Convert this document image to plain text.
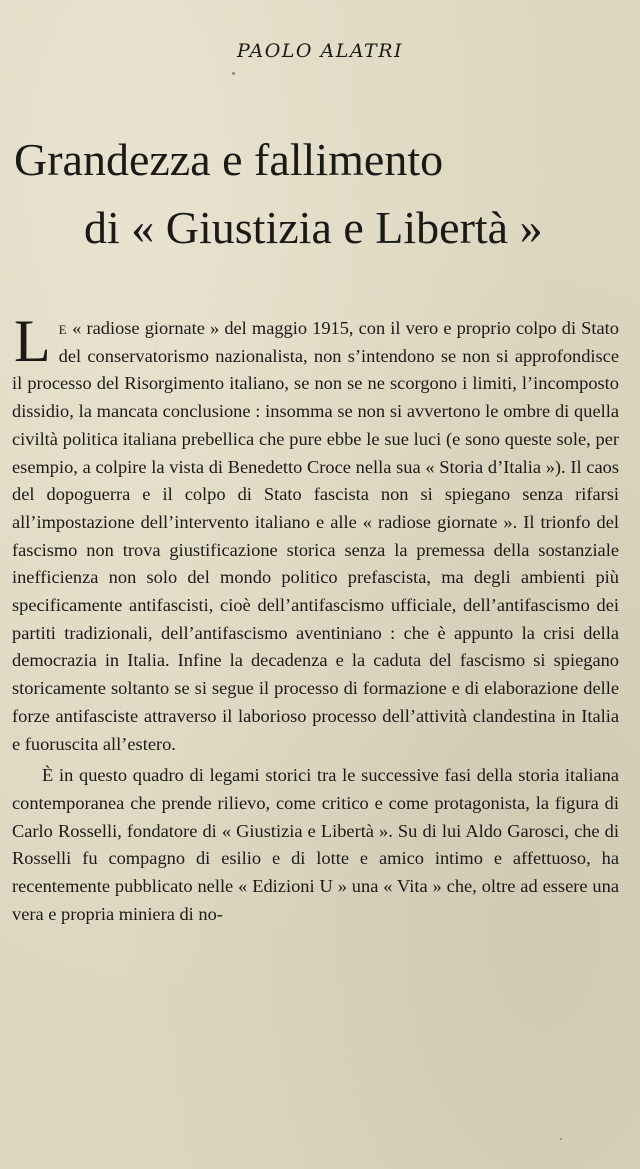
PAOLO ALATRI
Grandezza e fallimento
di « Giustizia e Libertà »

Le « radiose giornate » del maggio 1915, con il vero e proprio colpo di Stato del conservatorismo nazionalista, non s’intendono se non si approfondisce il processo del Risorgimento italiano, se non se ne scorgono i limiti, l’incomposto dissidio, la mancata conclusione : insomma se non si avvertono le ombre di quella civiltà politica italiana prebellica che pure ebbe le sue luci (e sono queste sole, per esempio, a colpire la vista di Benedetto Croce nella sua « Storia d’Italia »). Il caos del dopoguerra e il colpo di Stato fascista non si spiegano senza rifarsi all’impostazione dell’intervento italiano e alle « radiose giornate ». Il trionfo del fascismo non trova giustificazione storica senza la premessa della sostanziale inefficienza non solo del mondo politico prefascista, ma degli ambienti più specificamente antifascisti, cioè dell’antifascismo ufficiale, dell’antifascismo dei partiti tradizionali, dell’antifascismo aventiniano : che è appunto la crisi della democrazia in Italia. Infine la decadenza e la caduta del fascismo si spiegano storicamente soltanto se si segue il processo di formazione e di elaborazione delle forze antifasciste attraverso il laborioso processo dell’attività clandestina in Italia e fuoruscita all’estero.

È in questo quadro di legami storici tra le successive fasi della storia italiana contemporanea che prende rilievo, come critico e come protagonista, la figura di Carlo Rosselli, fondatore di « Giustizia e Libertà ». Su di lui Aldo Garosci, che di Rosselli fu compagno di esilio e di lotte e amico intimo e affettuoso, ha recentemente pubblicato nelle « Edizioni U » una « Vita » che, oltre ad essere una vera e propria miniera di no-
